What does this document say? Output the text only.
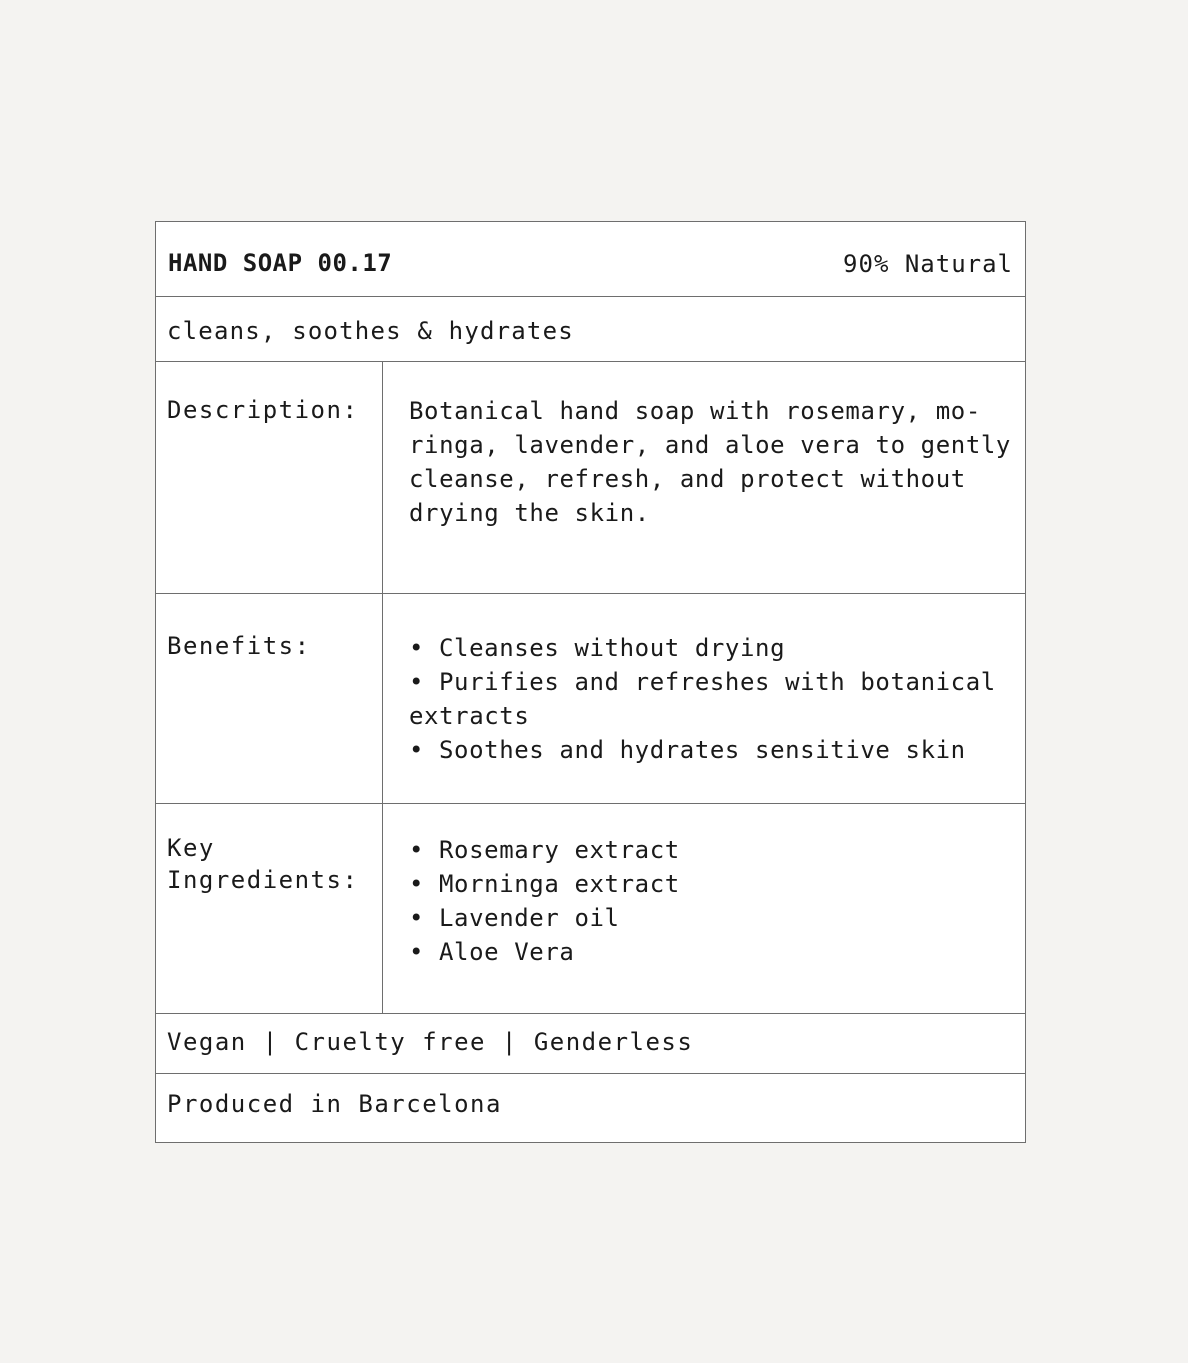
HAND SOAP 00.17	90% Natural
cleans, soothes & hydrates
Description:	Botanical hand soap with rosemary, mo-ringa, lavender, and aloe vera to gently cleanse, refresh, and protect without drying the skin.
Benefits:	• Cleanses without drying
• Purifies and refreshes with botanical extracts
• Soothes and hydrates sensitive skin
Key Ingredients:
• Rosemary extract
• Morninga extract
• Lavender oil
• Aloe Vera
Vegan | Cruelty free | Genderless
Produced in Barcelona
